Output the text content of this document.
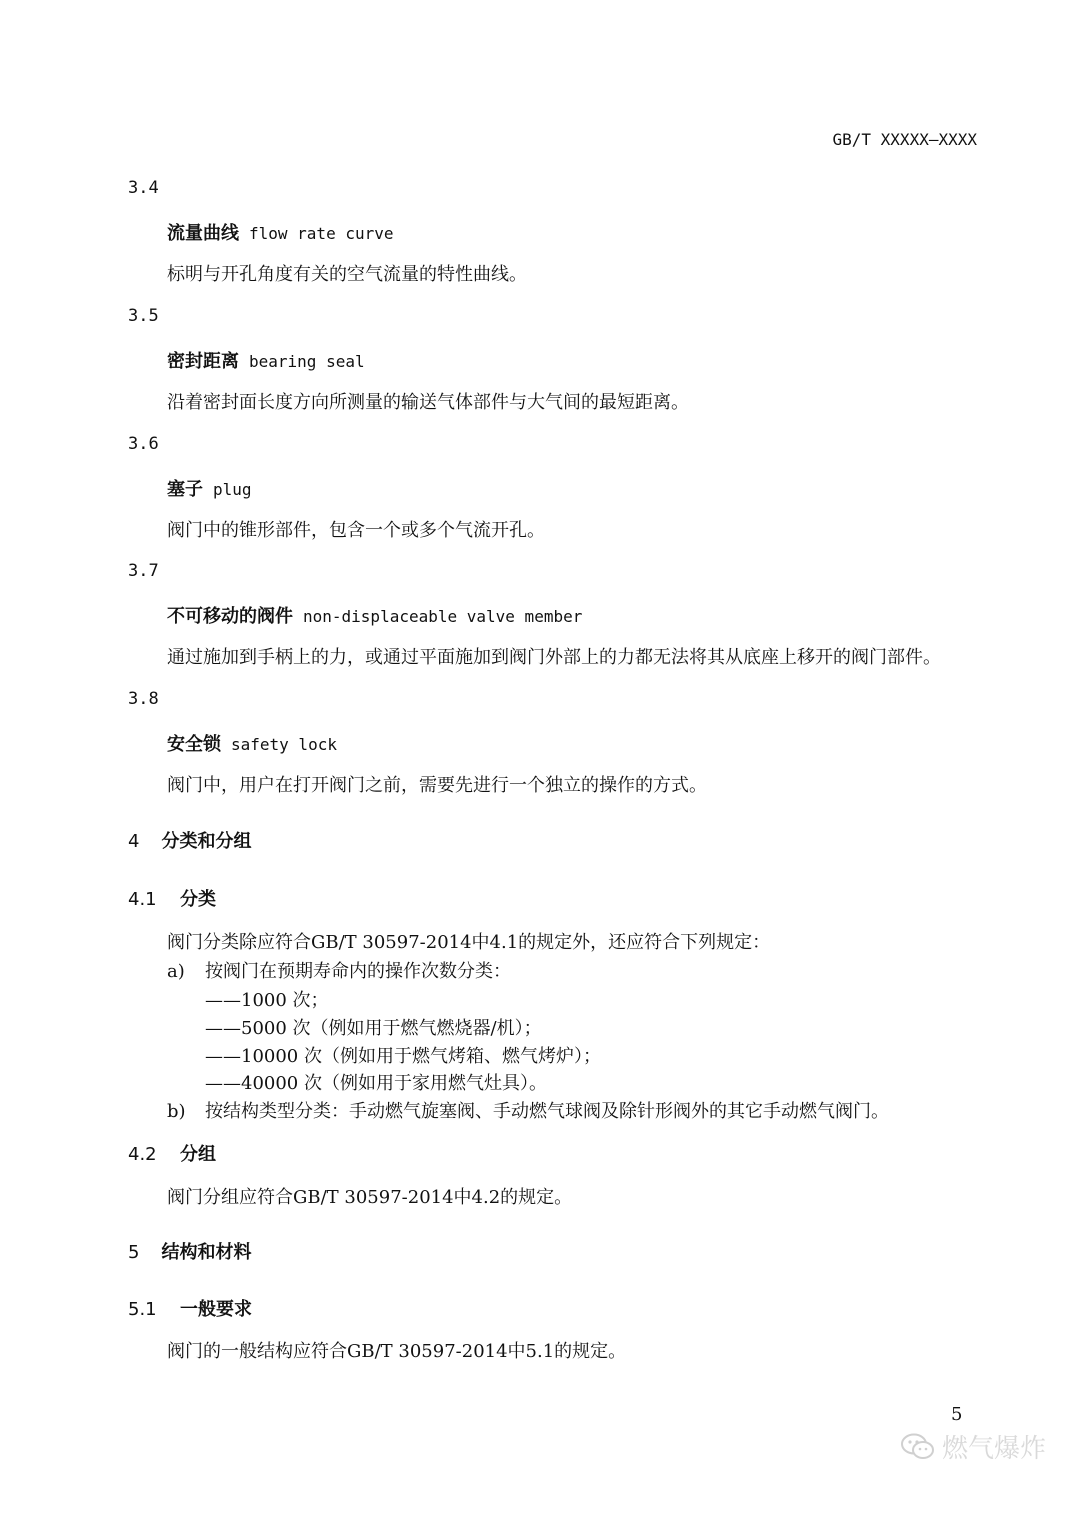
GB/T XXXXX—XXXX
3.4
流量曲线 flow rate curve
标明与开孔角度有关的空气流量的特性曲线。
3.5
密封距离 bearing seal
沿着密封面长度方向所测量的输送气体部件与大气间的最短距离。
3.6
塞子 plug
阀门中的锥形部件，包含一个或多个气流开孔。
3.7
不可移动的阀件 non-displaceable valve member
通过施加到手柄上的力，或通过平面施加到阀门外部上的力都无法将其从底座上移开的阀门部件。
3.8
安全锁 safety lock
阀门中，用户在打开阀门之前，需要先进行一个独立的操作的方式。
4 分类和分组
4.1 分类
阀门分类除应符合GB/T 30597-2014中4.1的规定外，还应符合下列规定：
a) 按阀门在预期寿命内的操作次数分类：
——1000 次；
——5000 次（例如用于燃气燃烧器/机）；
——10000 次（例如用于燃气烤箱、燃气烤炉）；
——40000 次（例如用于家用燃气灶具）。
b) 按结构类型分类：手动燃气旋塞阀、手动燃气球阀及除针形阀外的其它手动燃气阀门。
4.2 分组
阀门分组应符合GB/T 30597-2014中4.2的规定。
5 结构和材料
5.1 一般要求
阀门的一般结构应符合GB/T 30597-2014中5.1的规定。
5
燃气爆炸
